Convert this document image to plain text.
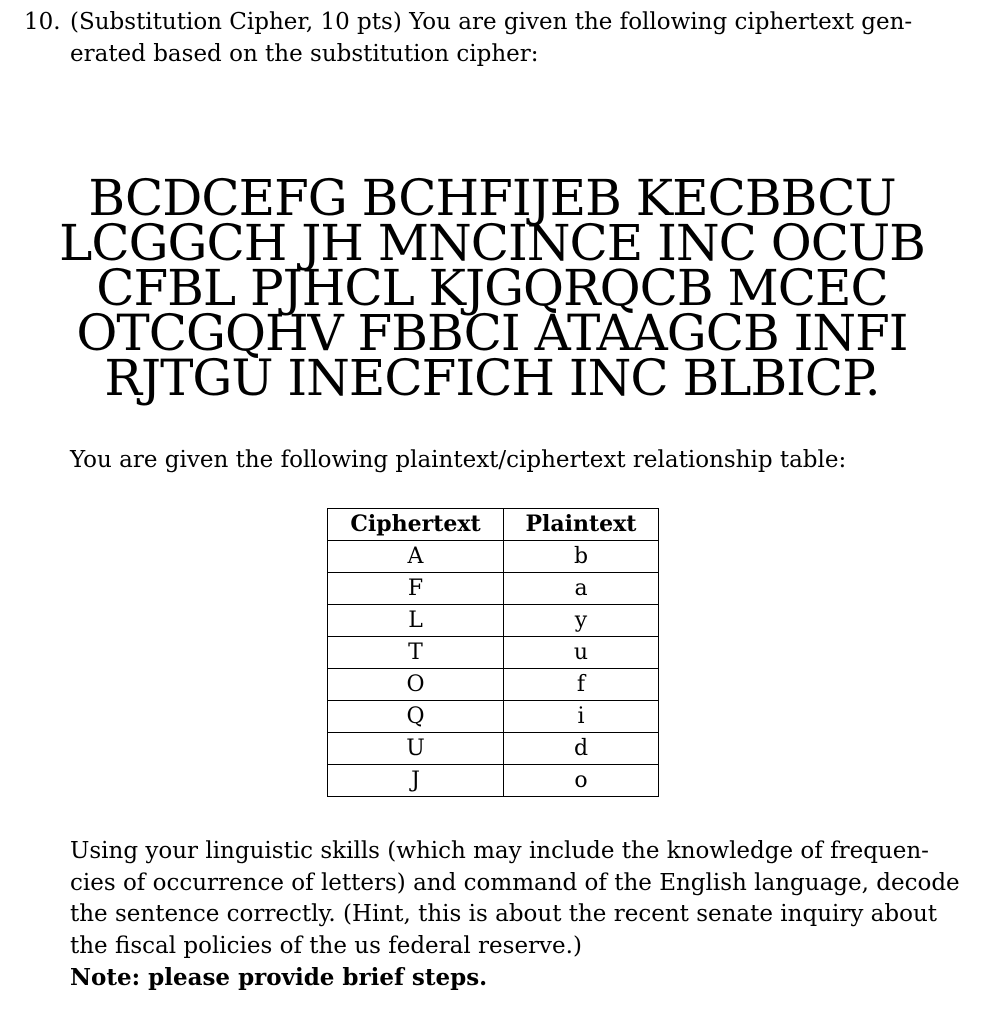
10. (Substitution Cipher, 10 pts) You are given the following ciphertext gen-
erated based on the substitution cipher:
BCDCEFG BCHFIJEB KECBBCU
LCGGCH JH MNCINCE INC OCUB
CFBL PJHCL KJGQRQCB MCEC
OTCGQHV FBBCI ATAAGCB INFI
RJTGU INECFICH INC BLBICP.
You are given the following plaintext/ciphertext relationship table:
Ciphertext	Plaintext
A	b
F	a
L	y
T	u
O	f
Q	i
U	d
J	o
Using your linguistic skills (which may include the knowledge of frequen-
cies of occurrence of letters) and command of the English language, decode
the sentence correctly. (Hint, this is about the recent senate inquiry about
the fiscal policies of the us federal reserve.)
Note: please provide brief steps.
